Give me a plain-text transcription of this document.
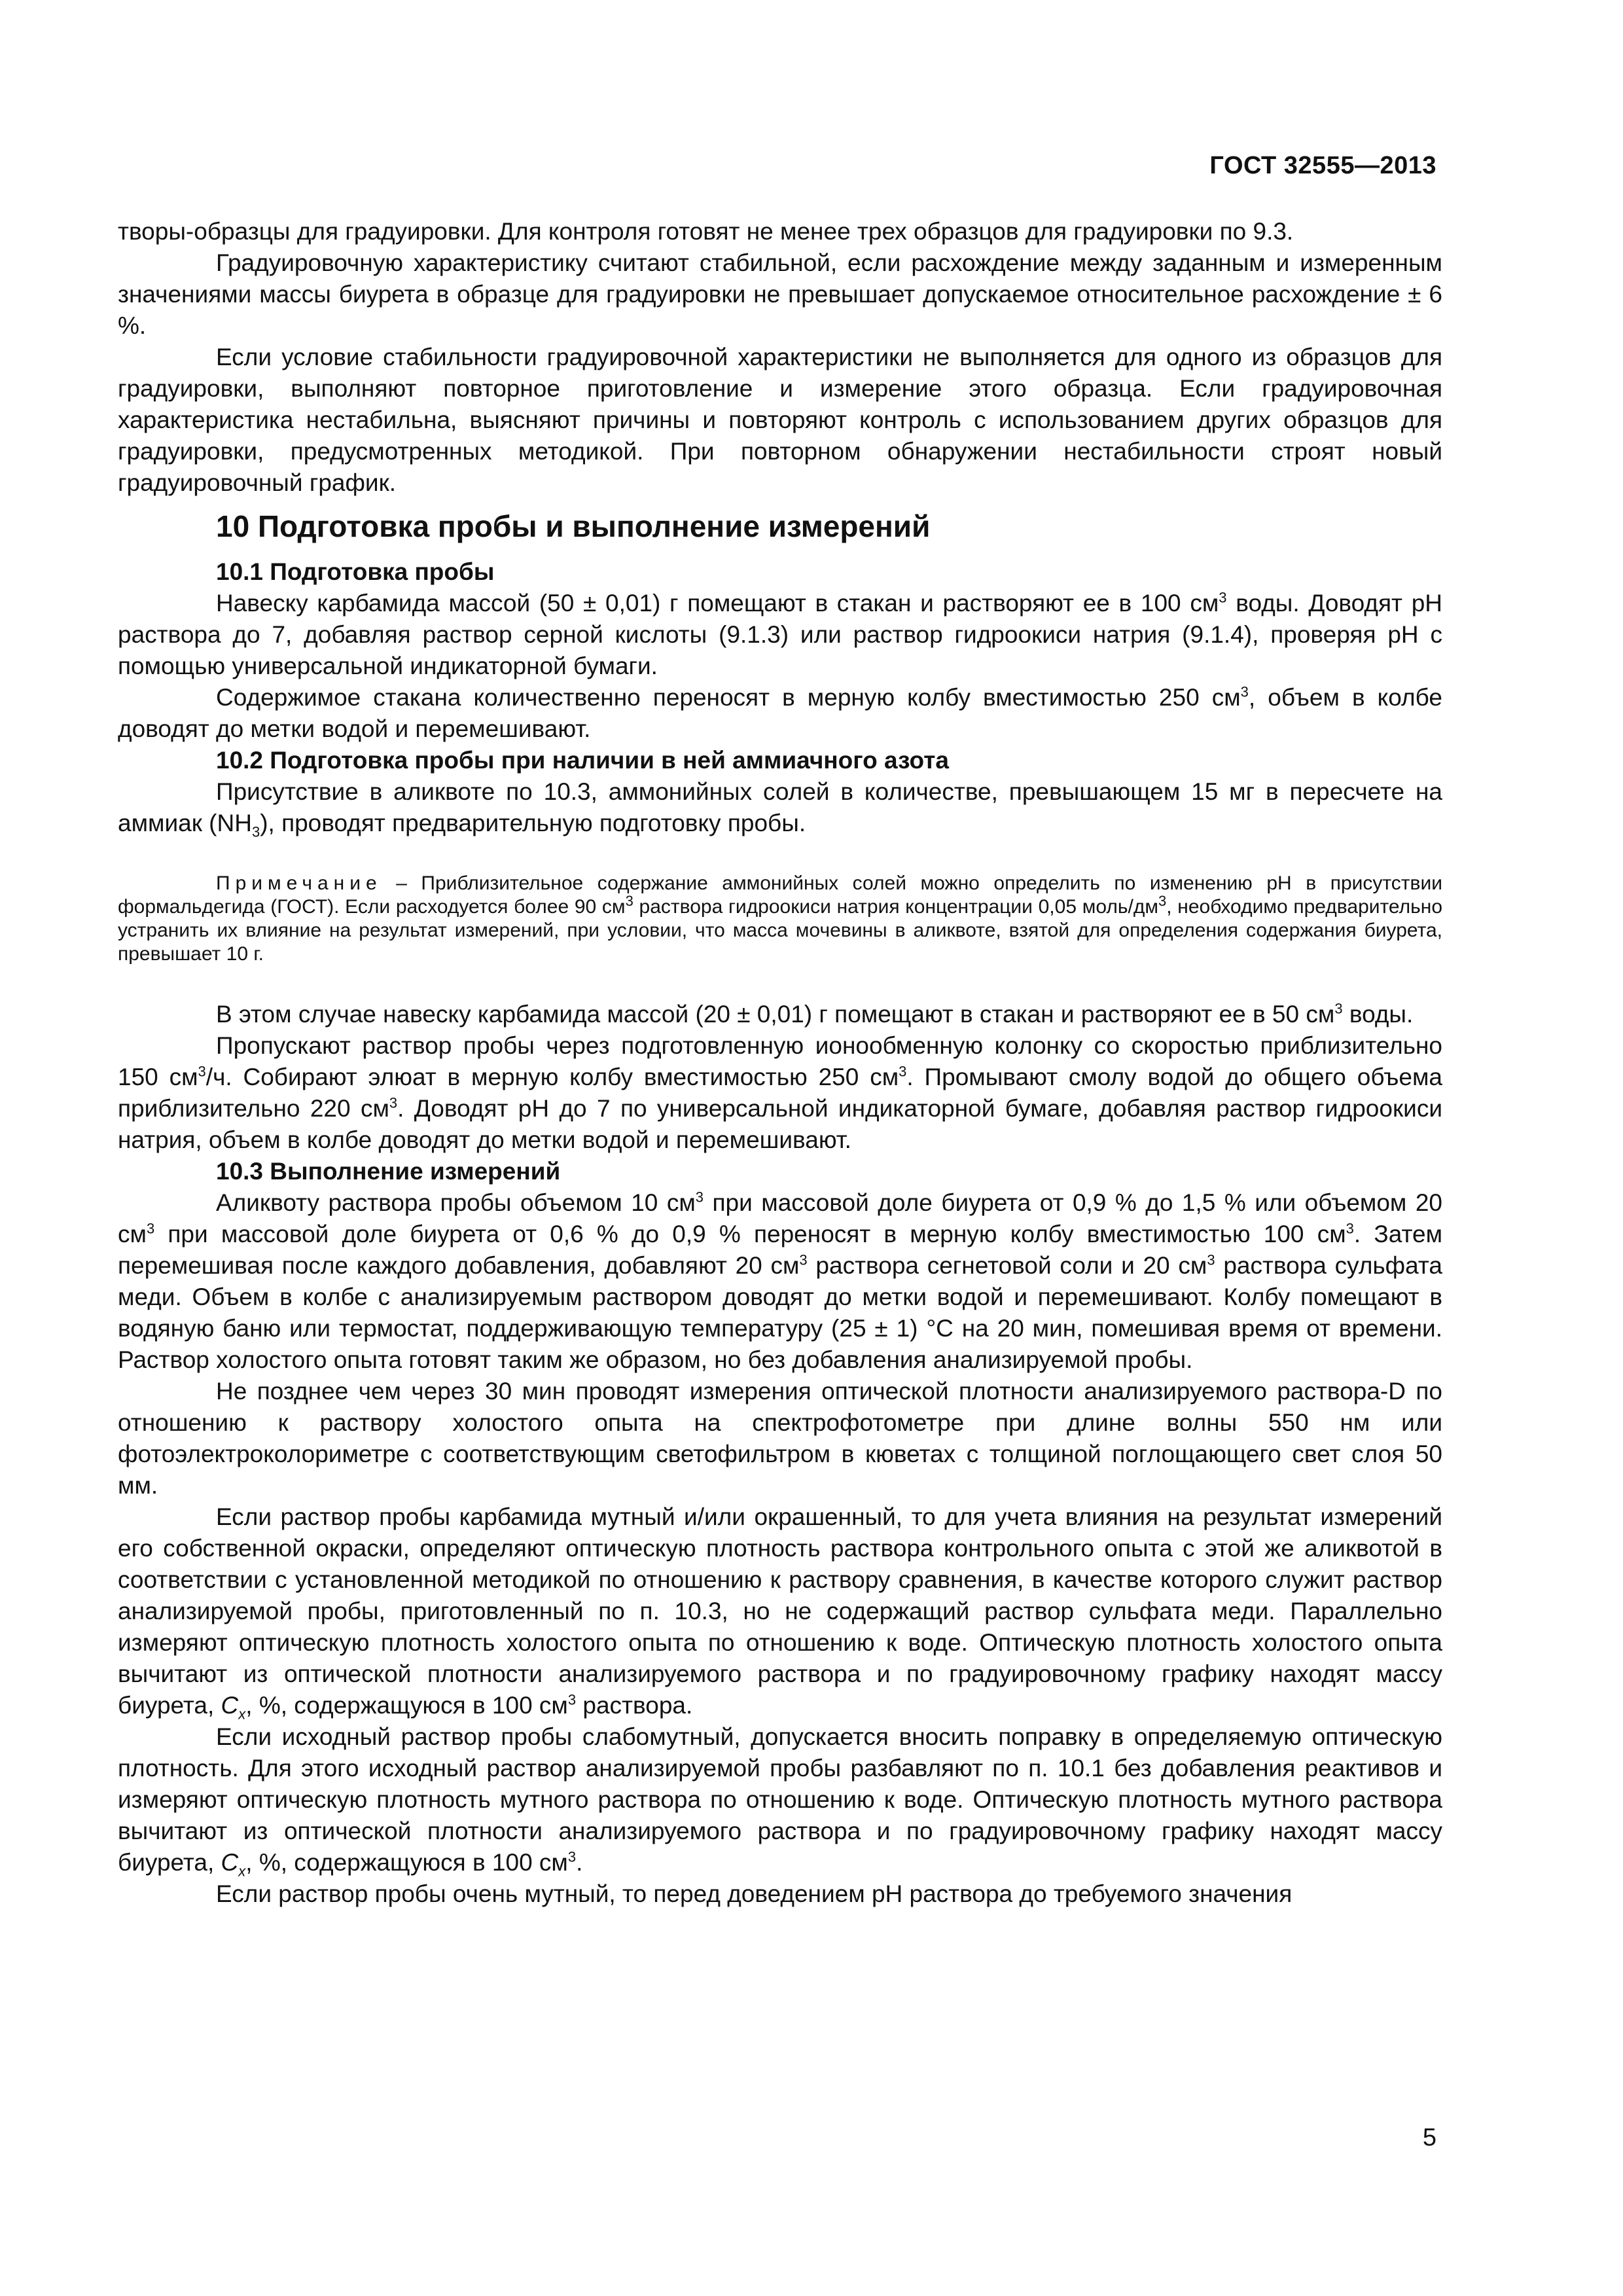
ГОСТ 32555—2013

творы-образцы для градуировки. Для контроля готовят не менее трех образцов для градуировки по 9.3.

Градуировочную характеристику считают стабильной, если расхождение между заданным и измеренным значениями массы биурета в образце для градуировки не превышает допускаемое относительное расхождение ± 6 %.

Если условие стабильности градуировочной характеристики не выполняется для одного из образцов для градуировки, выполняют повторное приготовление и измерение этого образца. Если градуировочная характеристика нестабильна, выясняют причины и повторяют контроль с использованием других образцов для градуировки, предусмотренных методикой. При повторном обнаружении нестабильности строят новый градуировочный график.

10 Подготовка пробы и выполнение измерений
10.1 Подготовка пробы

Навеску карбамида массой (50 ± 0,01) г помещают в стакан и растворяют ее в 100 $см^3$ воды. Доводят pH раствора до 7, добавляя раствор серной кислоты (9.1.3) или раствор гидроокиси натрия (9.1.4), проверяя pH с помощью универсальной индикаторной бумаги.

Содержимое стакана количественно переносят в мерную колбу вместимостью 250 $см^3$, объем в колбе доводят до метки водой и перемешивают.

10.2 Подготовка пробы при наличии в ней аммиачного азота

Присутствие в аликвоте по 10.3, аммонийных солей в количестве, превышающем 15 мг в пересчете на аммиак $(NH_3)$, проводят предварительную подготовку пробы.

Примечание – Приблизительное содержание аммонийных солей можно определить по изменению pH в присутствии формальдегида (ГОСТ). Если расходуется более 90 $см^3$ раствора гидроокиси натрия концентрации 0,05 моль/$дм^3$, необходимо предварительно устранить их влияние на результат измерений, при условии, что масса мочевины в аликвоте, взятой для определения содержания биурета, превышает 10 г.

В этом случае навеску карбамида массой (20 ± 0,01) г помещают в стакан и растворяют ее в 50 $см^3$ воды.

Пропускают раствор пробы через подготовленную ионообменную колонку со скоростью приблизительно 150 $см^3/ч$. Собирают элюат в мерную колбу вместимостью 250 $см^3$. Промывают смолу водой до общего объема приблизительно 220 $см^3$. Доводят pH до 7 по универсальной индикаторной бумаге, добавляя раствор гидроокиси натрия, объем в колбе доводят до метки водой и перемешивают.

10.3 Выполнение измерений

Аликвоту раствора пробы объемом 10 $см^3$ при массовой доле биурета от 0,9 % до 1,5 % или объемом 20 $см^3$ при массовой доле биурета от 0,6 % до 0,9 % переносят в мерную колбу вместимостью 100 $см^3$. Затем перемешивая после каждого добавления, добавляют 20 $см^3$ раствора сегнетовой соли и 20 $см^3$ раствора сульфата меди. Объем в колбе с анализируемым раствором доводят до метки водой и перемешивают. Колбу помещают в водяную баню или термостат, поддерживающую температуру (25 ± 1) °С на 20 мин, помешивая время от времени. Раствор холостого опыта готовят таким же образом, но без добавления анализируемой пробы.

Не позднее чем через 30 мин проводят измерения оптической плотности анализируемого раствора-D по отношению к раствору холостого опыта на спектрофотометре при длине волны 550 нм или фотоэлектроколориметре с соответствующим светофильтром в кюветах с толщиной поглощающего свет слоя 50 мм.

Если раствор пробы карбамида мутный и/или окрашенный, то для учета влияния на результат измерений его собственной окраски, определяют оптическую плотность раствора контрольного опыта с этой же аликвотой в соответствии с установленной методикой по отношению к раствору сравнения, в качестве которого служит раствор анализируемой пробы, приготовленный по п. 10.3, но не содержащий раствор сульфата меди. Параллельно измеряют оптическую плотность холостого опыта по отношению к воде. Оптическую плотность холостого опыта вычитают из оптической плотности анализируемого раствора и по градуировочному графику находят массу биурета, $C_x$, %, содержащуюся в 100 $см^3$ раствора.

Если исходный раствор пробы слабомутный, допускается вносить поправку в определяемую оптическую плотность. Для этого исходный раствор анализируемой пробы разбавляют по п. 10.1 без добавления реактивов и измеряют оптическую плотность мутного раствора по отношению к воде. Оптическую плотность мутного раствора вычитают из оптической плотности анализируемого раствора и по градуировочному графику находят массу биурета, $C_x$, %, содержащуюся в 100 $см^3$.

Если раствор пробы очень мутный, то перед доведением pH раствора до требуемого значения

5
